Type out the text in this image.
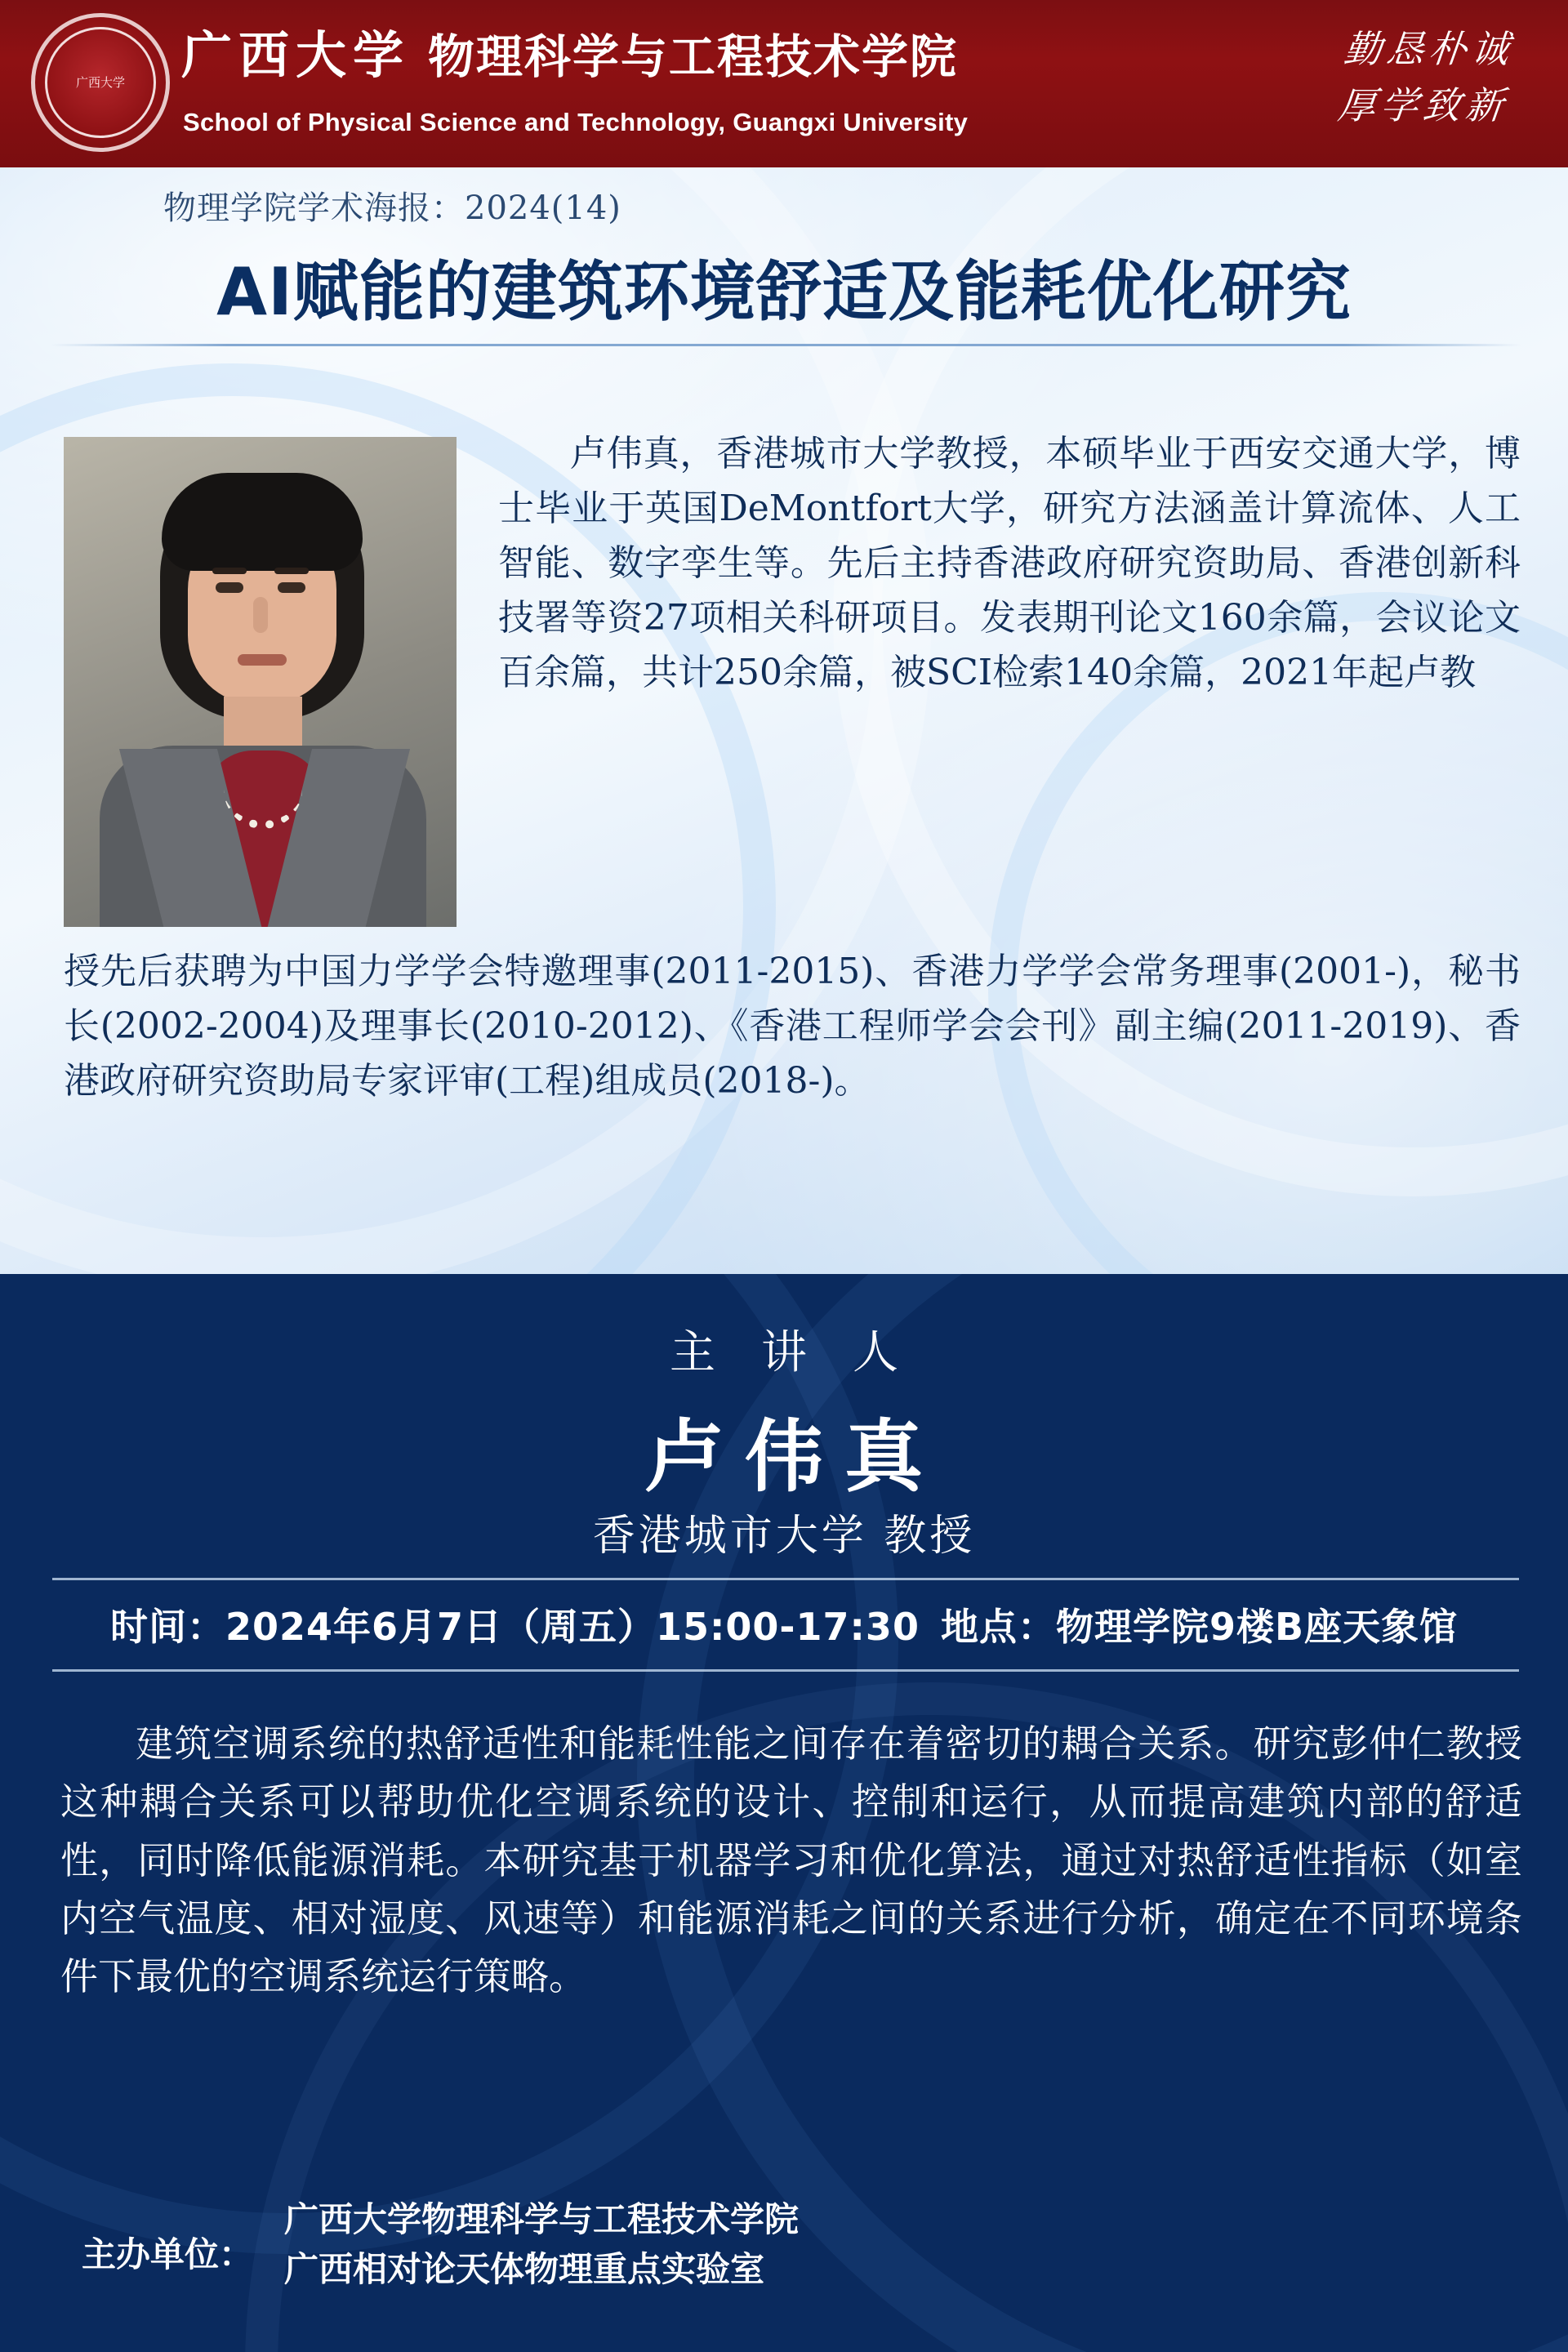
广西大学	广西大学 物理科学与工程技术学院
School of Physical Science and Technology, Guangxi University
勤恳朴诚
厚学致新
物理学院学术海报：2024(14)
AI赋能的建筑环境舒适及能耗优化研究
卢伟真，香港城市大学教授，本硕毕业于西安交通大学，博士毕业于英国DeMontfort大学，研究方法涵盖计算流体、人工智能、数字孪生等。先后主持香港政府研究资助局、香港创新科技署等资27项相关科研项目。发表期刊论文160余篇，会议论文百余篇，共计250余篇，被SCI检索140余篇，2021年起卢教
授先后获聘为中国力学学会特邀理事(2011-2015)、香港力学学会常务理事(2001-)，秘书长(2002-2004)及理事长(2010-2012)、《香港工程师学会会刊》副主编(2011-2019)、香港政府研究资助局专家评审(工程)组成员(2018-)。
主讲人
卢伟真
香港城市大学 教授
时间：2024年6月7日（周五）15:00-17:30 地点：物理学院9楼B座天象馆
建筑空调系统的热舒适性和能耗性能之间存在着密切的耦合关系。研究彭仲仁教授这种耦合关系可以帮助优化空调系统的设计、控制和运行，从而提高建筑内部的舒适性，同时降低能源消耗。本研究基于机器学习和优化算法，通过对热舒适性指标（如室内空气温度、相对湿度、风速等）和能源消耗之间的关系进行分析，确定在不同环境条件下最优的空调系统运行策略。
主办单位：
广西大学物理科学与工程技术学院
广西相对论天体物理重点实验室
